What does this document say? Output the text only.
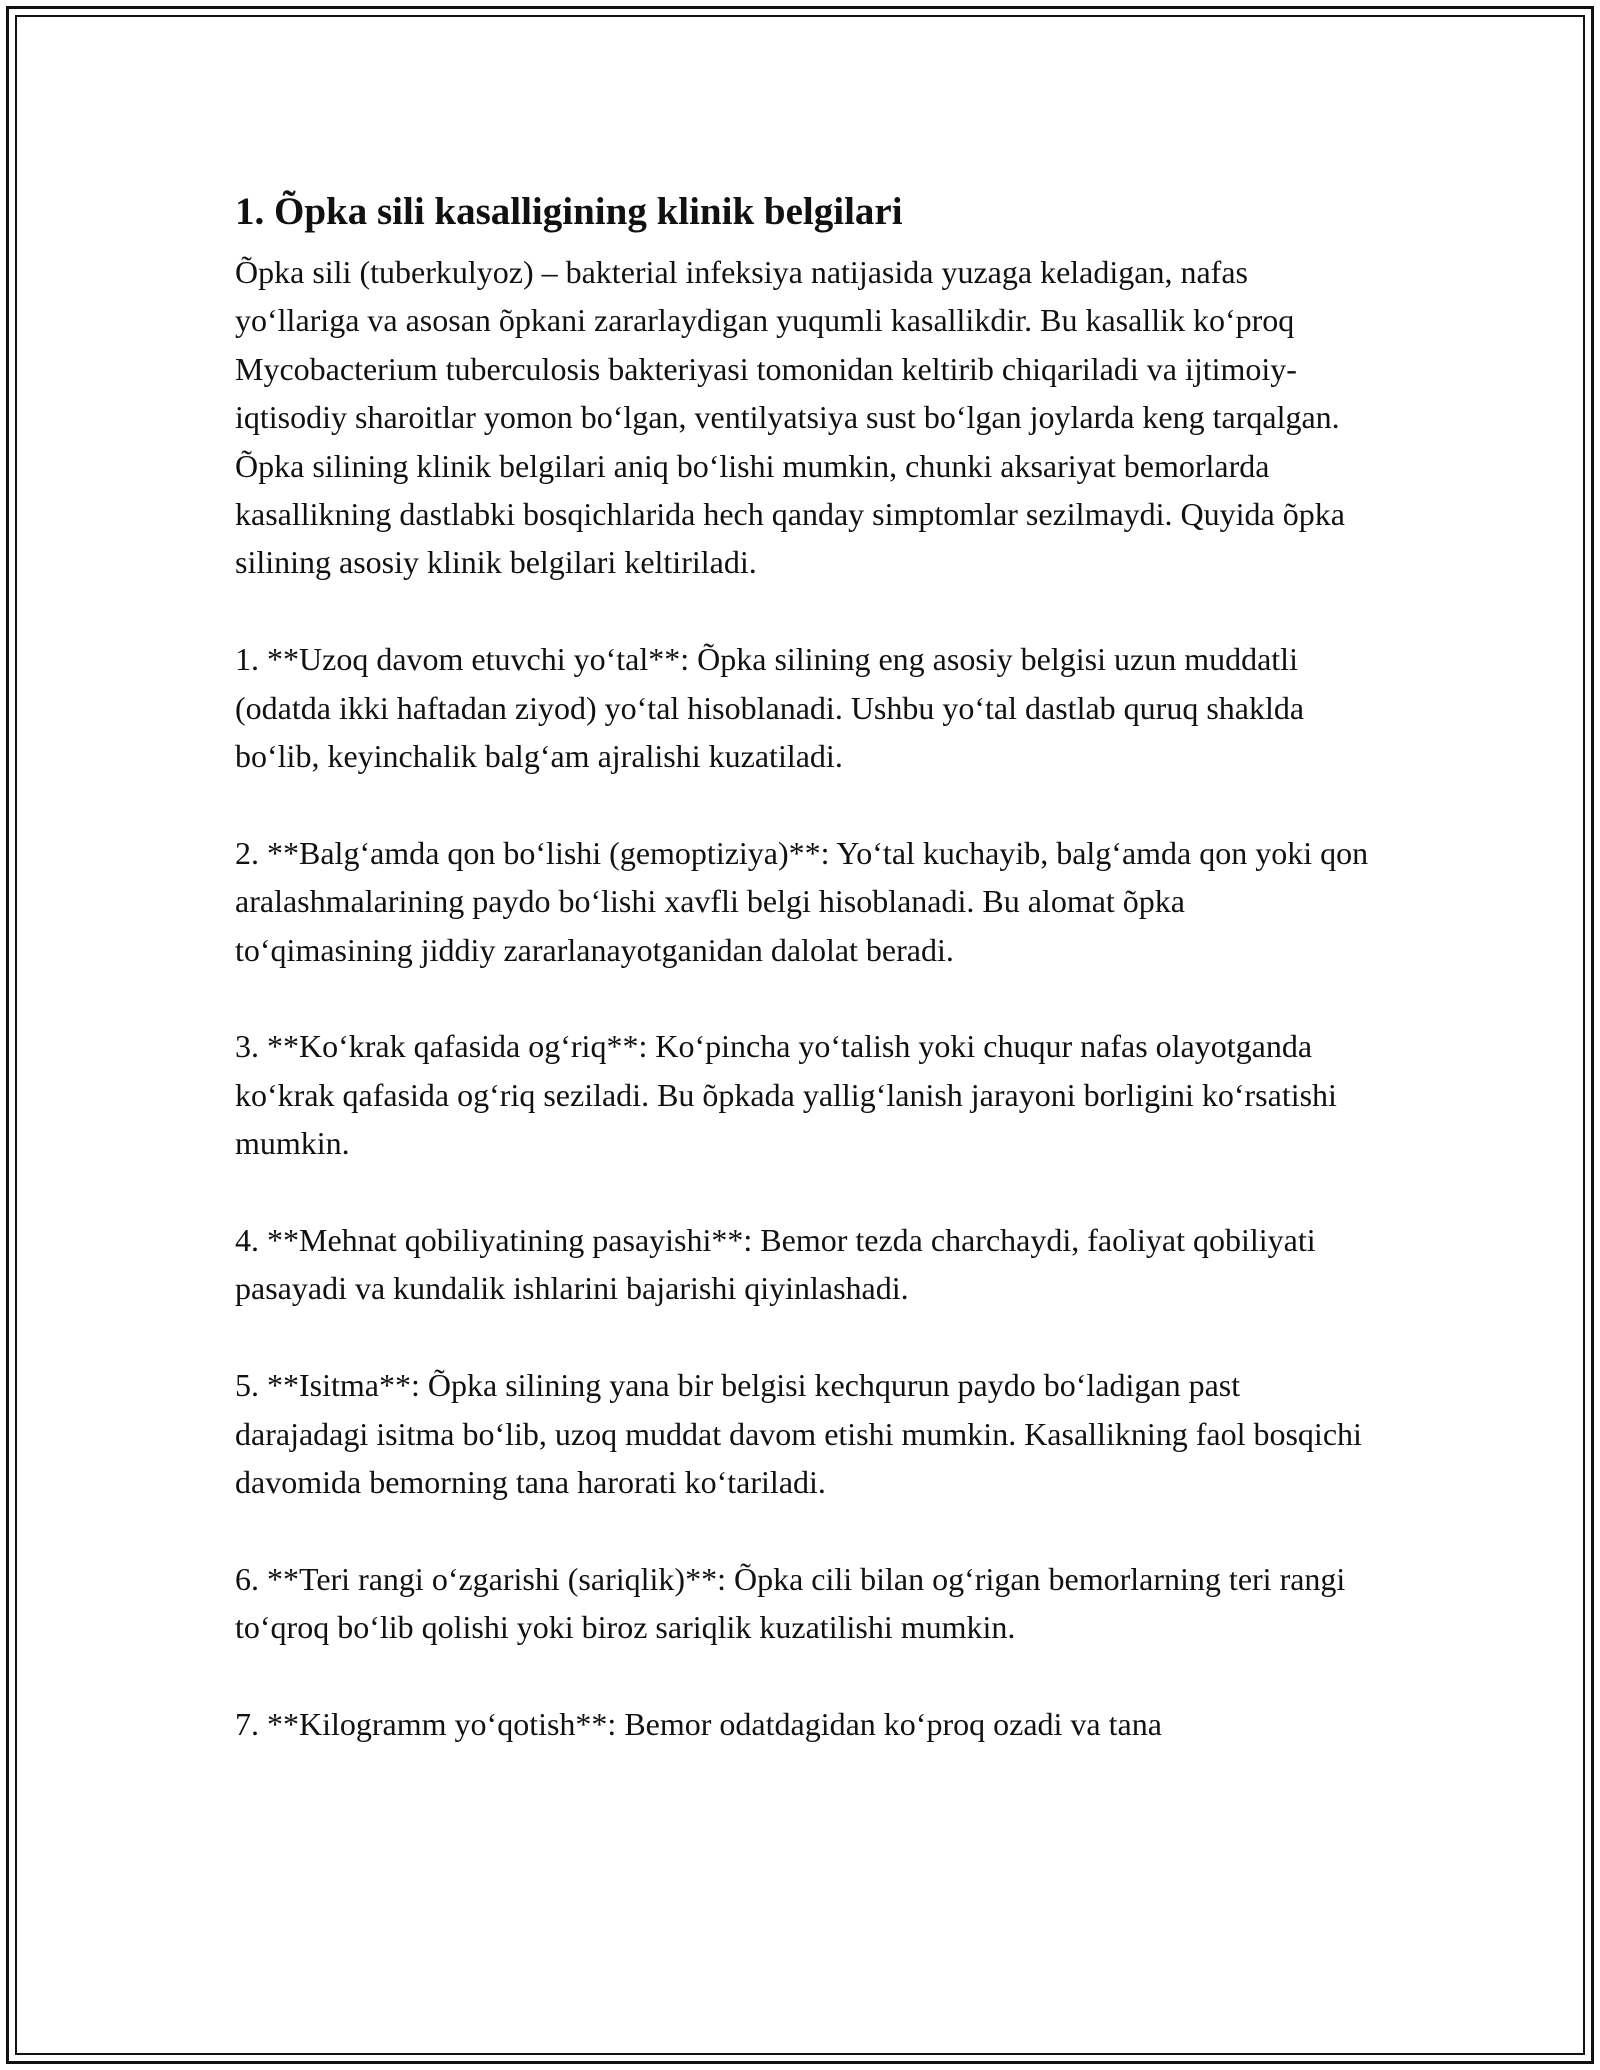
1. Õpka sili kasalligining klinik belgilari

Õpka sili (tuberkulyoz) – bakterial infeksiya natijasida yuzaga keladigan, nafas yoʻllariga va asosan õpkani zararlaydigan yuqumli kasallikdir. Bu kasallik koʻproq Mycobacterium tuberculosis bakteriyasi tomonidan keltirib chiqariladi va ijtimoiy-iqtisodiy sharoitlar yomon boʻlgan, ventilyatsiya sust boʻlgan joylarda keng tarqalgan. Õpka silining klinik belgilari aniq boʻlishi mumkin, chunki aksariyat bemorlarda kasallikning dastlabki bosqichlarida hech qanday simptomlar sezilmaydi. Quyida õpka silining asosiy klinik belgilari keltiriladi.

1. **Uzoq davom etuvchi yoʻtal**: Õpka silining eng asosiy belgisi uzun muddatli (odatda ikki haftadan ziyod) yoʻtal hisoblanadi. Ushbu yoʻtal dastlab quruq shaklda boʻlib, keyinchalik balgʻam ajralishi kuzatiladi.

2. **Balgʻamda qon boʻlishi (gemoptiziya)**: Yoʻtal kuchayib, balgʻamda qon yoki qon aralashmalarining paydo boʻlishi xavfli belgi hisoblanadi. Bu alomat õpka toʻqimasining jiddiy zararlanayotganidan dalolat beradi.

3. **Koʻkrak qafasida ogʻriq**: Koʻpincha yoʻtalish yoki chuqur nafas olayotganda koʻkrak qafasida ogʻriq seziladi. Bu õpkada yalligʻlanish jarayoni borligini koʻrsatishi mumkin.

4. **Mehnat qobiliyatining pasayishi**: Bemor tezda charchaydi, faoliyat qobiliyati pasayadi va kundalik ishlarini bajarishi qiyinlashadi.

5. **Isitma**: Õpka silining yana bir belgisi kechqurun paydo boʻladigan past darajadagi isitma boʻlib, uzoq muddat davom etishi mumkin. Kasallikning faol bosqichi davomida bemorning tana harorati koʻtariladi.

6. **Teri rangi oʻzgarishi (sariqlik)**: Õpka cili bilan ogʻrigan bemorlarning teri rangi toʻqroq boʻlib qolishi yoki biroz sariqlik kuzatilishi mumkin.

7. **Kilogramm yoʻqotish**: Bemor odatdagidan koʻproq ozadi va tana
